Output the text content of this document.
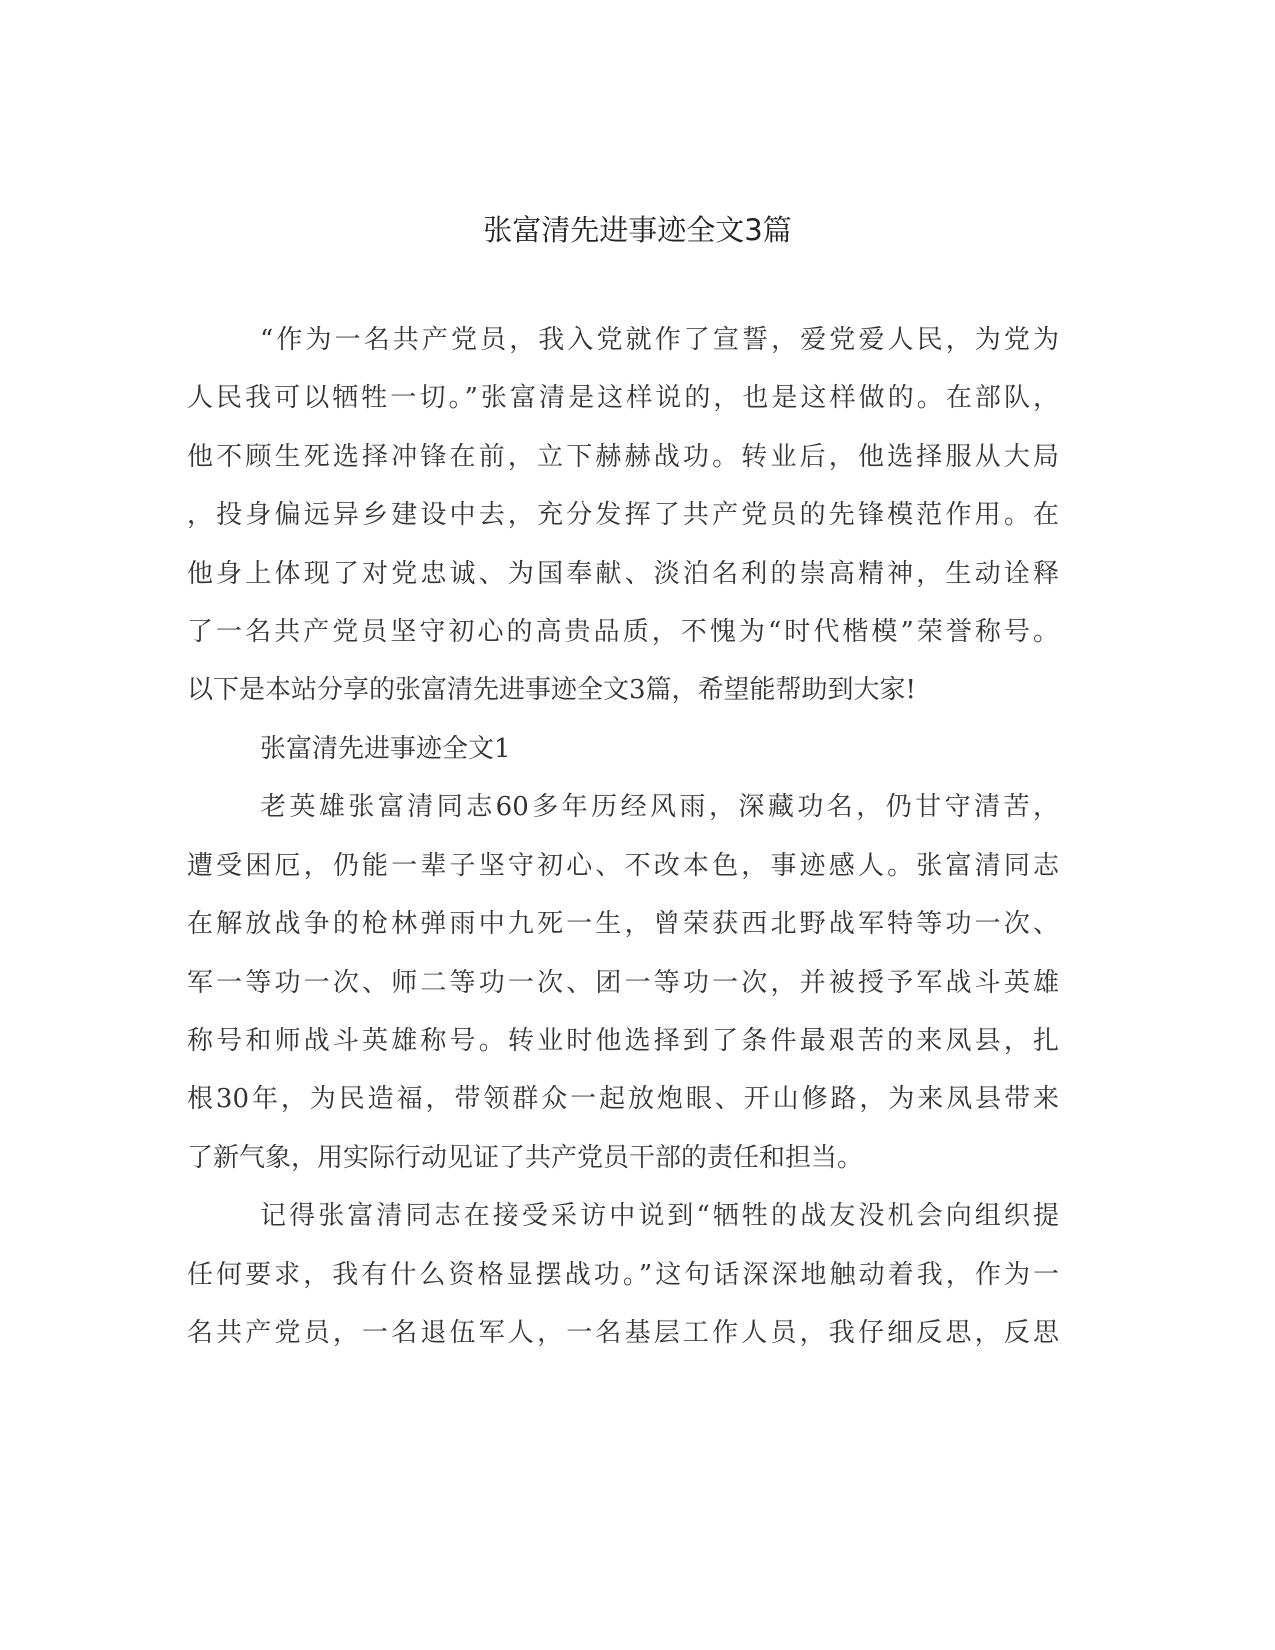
张富清先进事迹全文3篇
“作为一名共产党员，我入党就作了宣誓，爱党爱人民，为党为
人民我可以牺牲一切。”张富清是这样说的，也是这样做的。在部队，
他不顾生死选择冲锋在前，立下赫赫战功。转业后，他选择服从大局
，投身偏远异乡建设中去，充分发挥了共产党员的先锋模范作用。在
他身上体现了对党忠诚、为国奉献、淡泊名利的崇高精神，生动诠释
了一名共产党员坚守初心的高贵品质，不愧为“时代楷模”荣誉称号。
以下是本站分享的张富清先进事迹全文3篇，希望能帮助到大家!
张富清先进事迹全文1
老英雄张富清同志60多年历经风雨，深藏功名，仍甘守清苦，
遭受困厄，仍能一辈子坚守初心、不改本色，事迹感人。张富清同志
在解放战争的枪林弹雨中九死一生，曾荣获西北野战军特等功一次、
军一等功一次、师二等功一次、团一等功一次，并被授予军战斗英雄
称号和师战斗英雄称号。转业时他选择到了条件最艰苦的来凤县，扎
根30年，为民造福，带领群众一起放炮眼、开山修路，为来凤县带来
了新气象，用实际行动见证了共产党员干部的责任和担当。
记得张富清同志在接受采访中说到“牺牲的战友没机会向组织提
任何要求，我有什么资格显摆战功。”这句话深深地触动着我，作为一
名共产党员，一名退伍军人，一名基层工作人员，我仔细反思，反思
